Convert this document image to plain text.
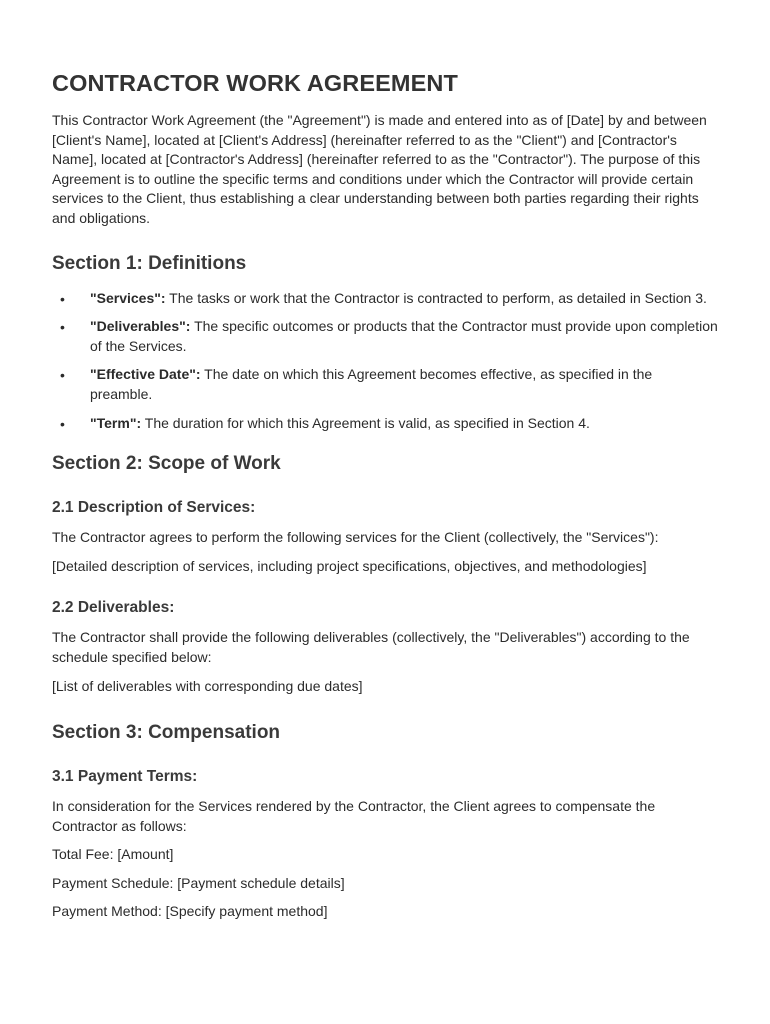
CONTRACTOR WORK AGREEMENT

This Contractor Work Agreement (the "Agreement") is made and entered into as of [Date] by and between [Client's Name], located at [Client's Address] (hereinafter referred to as the "Client") and [Contractor's Name], located at [Contractor's Address] (hereinafter referred to as the "Contractor"). The purpose of this Agreement is to outline the specific terms and conditions under which the Contractor will provide certain services to the Client, thus establishing a clear understanding between both parties regarding their rights and obligations.

Section 1: Definitions
• "Services": The tasks or work that the Contractor is contracted to perform, as detailed in Section 3.
• "Deliverables": The specific outcomes or products that the Contractor must provide upon completion of the Services.
• "Effective Date": The date on which this Agreement becomes effective, as specified in the preamble.
• "Term": The duration for which this Agreement is valid, as specified in Section 4.
Section 2: Scope of Work
2.1 Description of Services:

The Contractor agrees to perform the following services for the Client (collectively, the "Services"):

[Detailed description of services, including project specifications, objectives, and methodologies]

2.2 Deliverables:

The Contractor shall provide the following deliverables (collectively, the "Deliverables") according to the schedule specified below:

[List of deliverables with corresponding due dates]

Section 3: Compensation
3.1 Payment Terms:

In consideration for the Services rendered by the Contractor, the Client agrees to compensate the Contractor as follows:

Total Fee: [Amount]

Payment Schedule: [Payment schedule details]

Payment Method: [Specify payment method]
